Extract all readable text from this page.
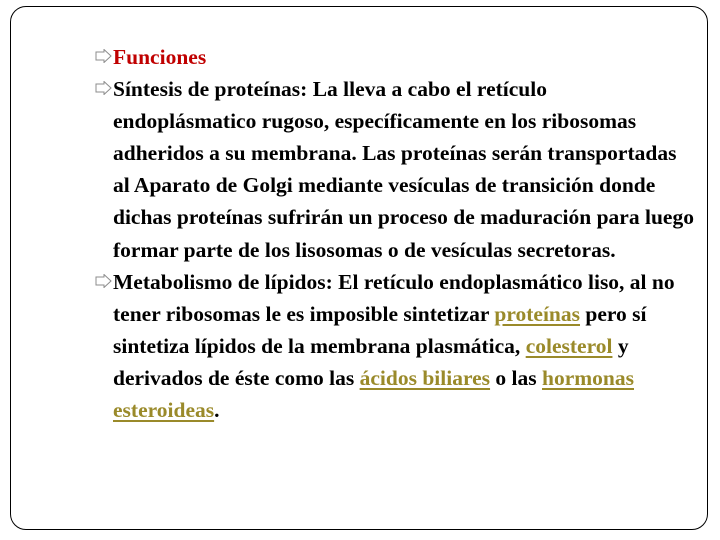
Funciones
Síntesis de proteínas: La lleva a cabo el retículo endoplásmatico rugoso, específicamente en los ribosomas adheridos a su membrana. Las proteínas serán transportadas al Aparato de Golgi mediante vesículas de transición donde dichas proteínas sufrirán un proceso de maduración para luego formar parte de los lisosomas o de vesículas secretoras.
Metabolismo de lípidos: El retículo endoplasmático liso, al no tener ribosomas le es imposible sintetizar proteínas pero sí sintetiza lípidos de la membrana plasmática, colesterol y derivados de éste como las ácidos biliares o las hormonas esteroideas.
